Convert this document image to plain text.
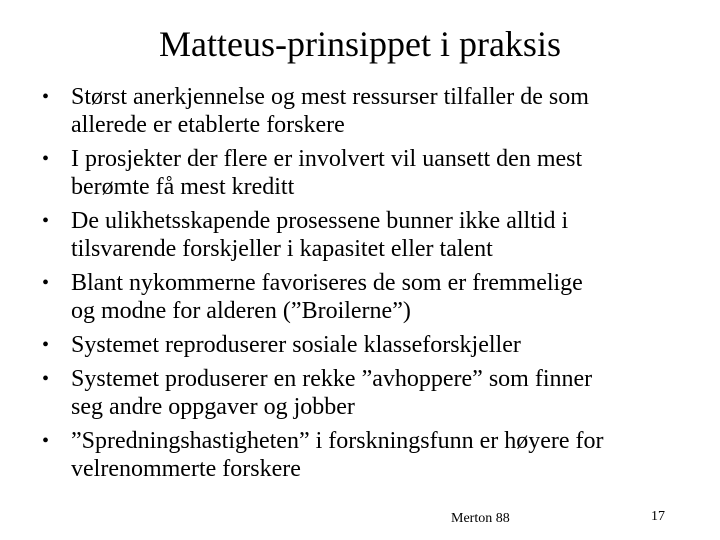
Matteus-prinsippet i praksis
• Størst anerkjennelse og mest ressurser tilfaller de som
allerede er etablerte forskere
• I prosjekter der flere er involvert vil uansett den mest
berømte få mest kreditt
• De ulikhetsskapende prosessene bunner ikke alltid i
tilsvarende forskjeller i kapasitet eller talent
• Blant nykommerne favoriseres de som er fremmelige
og modne for alderen (”Broilerne”)
• Systemet reproduserer sosiale klasseforskjeller
• Systemet produserer en rekke ”avhoppere” som finner
seg andre oppgaver og jobber
• ”Spredningshastigheten” i forskningsfunn er høyere for
velrenommerte forskere
Merton 88	17
